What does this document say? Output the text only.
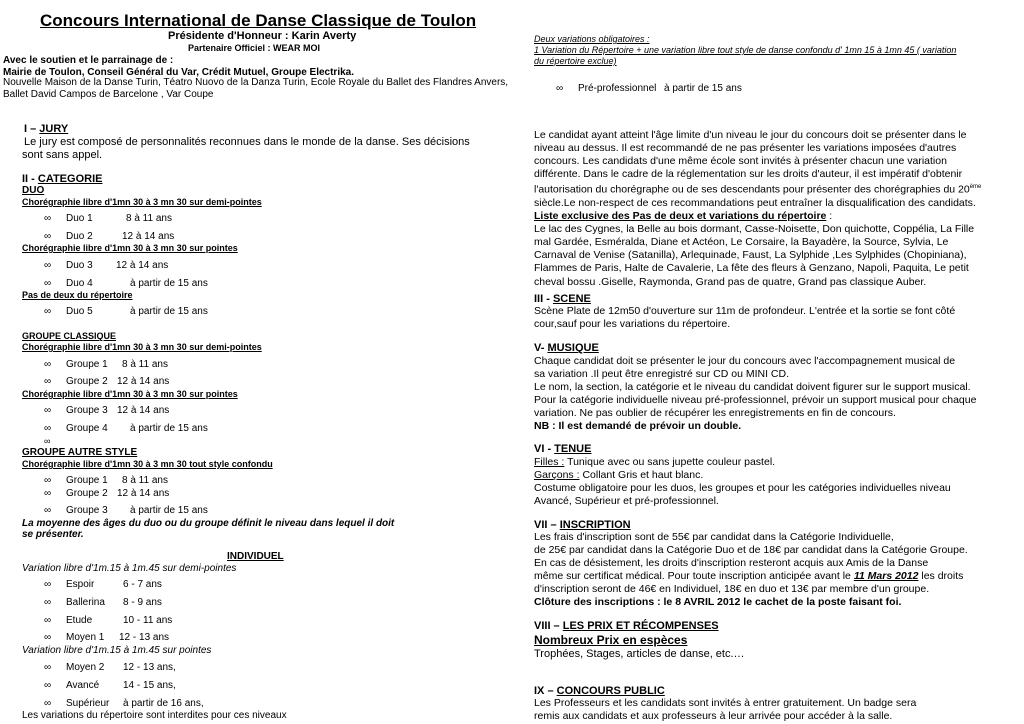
Concours International de Danse Classique de Toulon
Présidente d'Honneur : Karin Averty
Partenaire Officiel : WEAR MOI
Avec le soutien et le parrainage de :
Mairie de Toulon, Conseil Général du Var, Crédit Mutuel, Groupe Electrika.
Nouvelle Maison de la Danse Turin, Téatro Nuovo de la Danza Turin, Ecole Royale du Ballet des Flandres Anvers,
Ballet David Campos de Barcelone , Var Coupe
I – JURY
Le jury est composé de personnalités reconnues dans le monde de la danse. Ses décisions
sont sans appel.
II - CATEGORIE
DUO
Chorégraphie libre d'1mn 30 à 3 mn 30 sur demi-pointes
∞ Duo 1	8 à 11 ans
∞ Duo 2	12 à 14 ans
Chorégraphie libre d'1mn 30 à 3 mn 30 sur pointes
∞ Duo 3 12 à 14 ans
∞ Duo 4	à partir de 15 ans
Pas de deux du répertoire
∞ Duo 5	à partir de 15 ans
GROUPE CLASSIQUE
Chorégraphie libre d'1mn 30 à 3 mn 30 sur demi-pointes
∞ Groupe 1 8 à 11 ans
∞ Groupe 2 12 à 14 ans
Chorégraphie libre d'1mn 30 à 3 mn 30 sur pointes
∞ Groupe 3 12 à 14 ans
∞ Groupe 4 à partir de 15 ans
∞
GROUPE AUTRE STYLE
Chorégraphie libre d'1mn 30 à 3 mn 30 tout style confondu
∞ Groupe 1 8 à 11 ans
∞ Groupe 2 12 à 14 ans
∞ Groupe 3 à partir de 15 ans
La moyenne des âges du duo ou du groupe définit le niveau dans lequel il doit
se présenter.
INDIVIDUEL
Variation libre d'1m.15 à 1m.45 sur demi-pointes
∞ Espoir	6 - 7 ans
∞ Ballerina 8 - 9 ans
∞ Etude	10 - 11 ans
∞ Moyen 1 12 - 13 ans
Variation libre d'1m.15 à 1m.45 sur pointes
∞ Moyen 2 12 - 13 ans,
∞ Avancé 14 - 15 ans,
∞ Supérieur à partir de 16 ans,
Les variations du répertoire sont interdites pour ces niveaux
Deux variations obligatoires :
1 Variation du Répertoire + une variation libre tout style de danse confondu d' 1mn 15 à 1mn 45 ( variation
du répertoire exclue)
∞ Pré-professionnel à partir de 15 ans

Le candidat ayant atteint l'âge limite d'un niveau le jour du concours doit se présenter dans le

niveau au dessus. Il est recommandé de ne pas présenter les variations imposées d'autres

concours. Les candidats d'une même école sont invités à présenter chacun une variation

différente. Dans le cadre de la réglementation sur les droits d'auteur, il est impératif d'obtenir

l'autorisation du chorégraphe ou de ses descendants pour présenter des chorégraphies du 20ème

siècle.Le non-respect de ces recommandations peut entraîner la disqualification des candidats.

Liste exclusive des Pas de deux et variations du répertoire :

Le lac des Cygnes, la Belle au bois dormant, Casse-Noisette, Don quichotte, Coppélia, La Fille

mal Gardée, Esméralda, Diane et Actéon, Le Corsaire, la Bayadère, la Source, Sylvia, Le

Carnaval de Venise (Satanilla), Arlequinade, Faust, La Sylphide ,Les Sylphides (Chopiniana),

Flammes de Paris, Halte de Cavalerie, La fête des fleurs à Genzano, Napoli, Paquita, Le petit

cheval bossu .Giselle, Raymonda, Grand pas de quatre, Grand pas classique Auber.

III - SCENE

Scène Plate de 12m50 d'ouverture sur 11m de profondeur. L'entrée et la sortie se font côté

cour,sauf pour les variations du répertoire.

V- MUSIQUE

Chaque candidat doit se présenter le jour du concours avec l'accompagnement musical de

sa variation .Il peut être enregistré sur CD ou MINI CD.

Le nom, la section, la catégorie et le niveau du candidat doivent figurer sur le support musical.

Pour la catégorie individuelle niveau pré-professionnel, prévoir un support musical pour chaque

variation. Ne pas oublier de récupérer les enregistrements en fin de concours.

NB : Il est demandé de prévoir un double.

VI - TENUE

Filles : Tunique avec ou sans jupette couleur pastel.

Garçons : Collant Gris et haut blanc.

Costume obligatoire pour les duos, les groupes et pour les catégories individuelles niveau

Avancé, Supérieur et pré-professionnel.

VII – INSCRIPTION

Les frais d'inscription sont de 55€ par candidat dans la Catégorie Individuelle,

de 25€ par candidat dans la Catégorie Duo et de 18€ par candidat dans la Catégorie Groupe.

En cas de désistement, les droits d'inscription resteront acquis aux Amis de la Danse

même sur certificat médical. Pour toute inscription anticipée avant le 11 Mars 2012 les droits

d'inscription seront de 46€ en Individuel, 18€ en duo et 13€ par membre d'un groupe.

Clôture des inscriptions : le 8 AVRIL 2012 le cachet de la poste faisant foi.

VIII – LES PRIX ET RÉCOMPENSES
Nombreux Prix en espèces
Trophées, Stages, articles de danse, etc.…
IX – CONCOURS PUBLIC

Les Professeurs et les candidats sont invités à entrer gratuitement. Un badge sera

remis aux candidats et aux professeurs à leur arrivée pour accéder à la salle.
